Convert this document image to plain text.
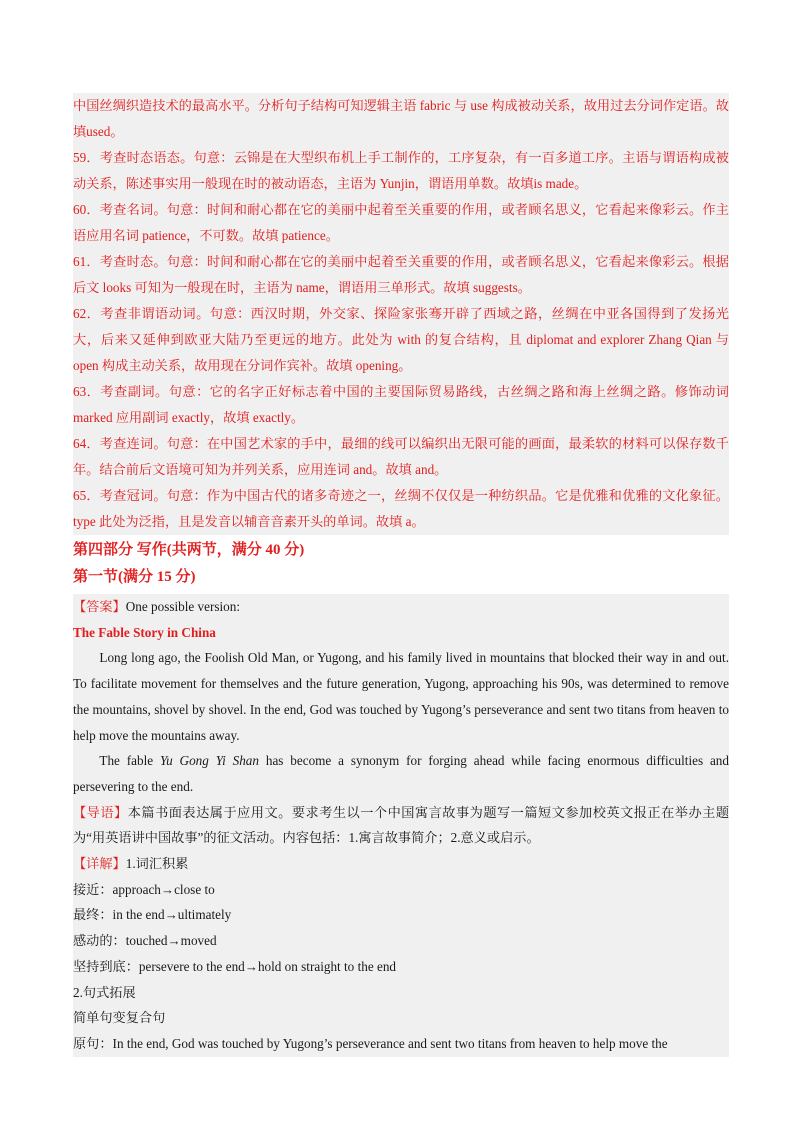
中国丝绸织造技术的最高水平。分析句子结构可知逻辑主语 fabric 与 use 构成被动关系，故用过去分词作定语。故填used。

59．考查时态语态。句意：云锦是在大型织布机上手工制作的，工序复杂，有一百多道工序。主语与谓语构成被动关系，陈述事实用一般现在时的被动语态，主语为 Yunjin，谓语用单数。故填is made。

60．考查名词。句意：时间和耐心都在它的美丽中起着至关重要的作用，或者顾名思义，它看起来像彩云。作主语应用名词 patience，不可数。故填 patience。

61．考查时态。句意：时间和耐心都在它的美丽中起着至关重要的作用，或者顾名思义，它看起来像彩云。根据后文 looks 可知为一般现在时，主语为 name，谓语用三单形式。故填 suggests。

62．考查非谓语动词。句意：西汉时期，外交家、探险家张骞开辟了西域之路，丝绸在中亚各国得到了发扬光大，后来又延伸到欧亚大陆乃至更远的地方。此处为 with 的复合结构，且 diplomat and explorer Zhang Qian 与 open 构成主动关系，故用现在分词作宾补。故填 opening。

63．考查副词。句意：它的名字正好标志着中国的主要国际贸易路线，古丝绸之路和海上丝绸之路。修饰动词 marked 应用副词 exactly，故填 exactly。

64．考查连词。句意：在中国艺术家的手中，最细的线可以编织出无限可能的画面，最柔软的材料可以保存数千年。结合前后文语境可知为并列关系，应用连词 and。故填 and。

65．考查冠词。句意：作为中国古代的诸多奇迹之一，丝绸不仅仅是一种纺织品。它是优雅和优雅的文化象征。type 此处为泛指，且是发音以辅音音素开头的单词。故填 a。

第四部分 写作(共两节，满分 40 分)

第一节(满分 15 分)

【答案】One possible version:

The Fable Story in China

Long long ago, the Foolish Old Man, or Yugong, and his family lived in mountains that blocked their way in and out. To facilitate movement for themselves and the future generation, Yugong, approaching his 90s, was determined to remove the mountains, shovel by shovel. In the end, God was touched by Yugong’s perseverance and sent two titans from heaven to help move the mountains away.

The fable Yu Gong Yi Shan has become a synonym for forging ahead while facing enormous difficulties and persevering to the end.

【导语】本篇书面表达属于应用文。要求考生以一个中国寓言故事为题写一篇短文参加校英文报正在举办主题为“用英语讲中国故事”的征文活动。内容包括：1.寓言故事简介；2.意义或启示。

【详解】1.词汇积累

接近：approach→close to

最终：in the end→ultimately

感动的：touched→moved

坚持到底：persevere to the end→hold on straight to the end

2.句式拓展

简单句变复合句

原句：In the end, God was touched by Yugong’s perseverance and sent two titans from heaven to help move the
